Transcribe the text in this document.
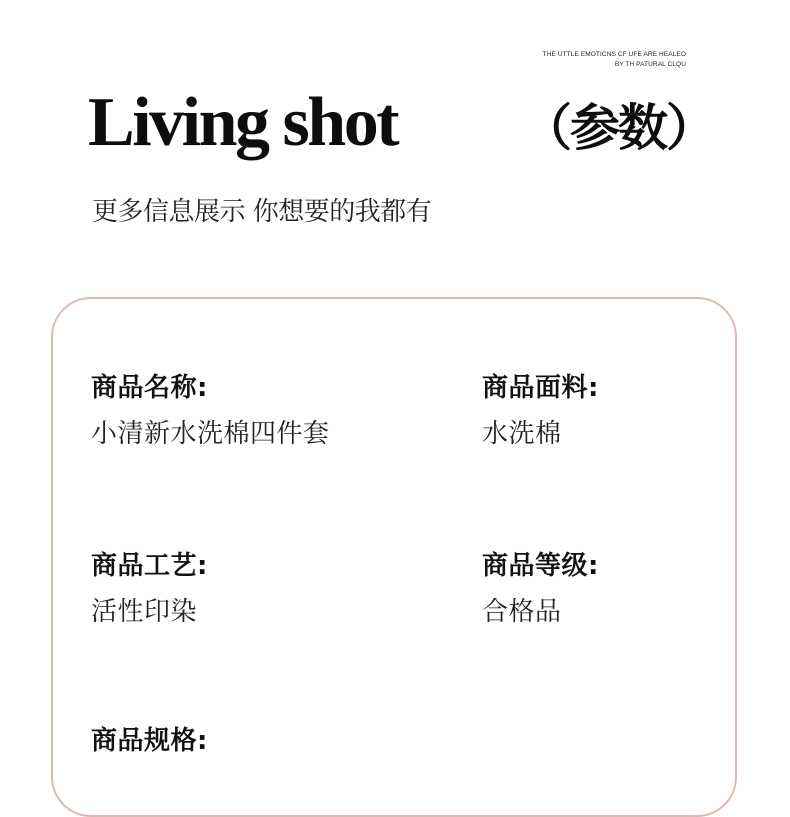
THE UTTLE EMOTICNS CF UFE ARE HEALEO
BY TH PATURAL CLQU
Living shot	（参数）
更多信息展示 你想要的我都有
商品名称:
小清新水洗棉四件套
商品面料:
水洗棉
商品工艺:
活性印染
商品等级:
合格品
商品规格:
